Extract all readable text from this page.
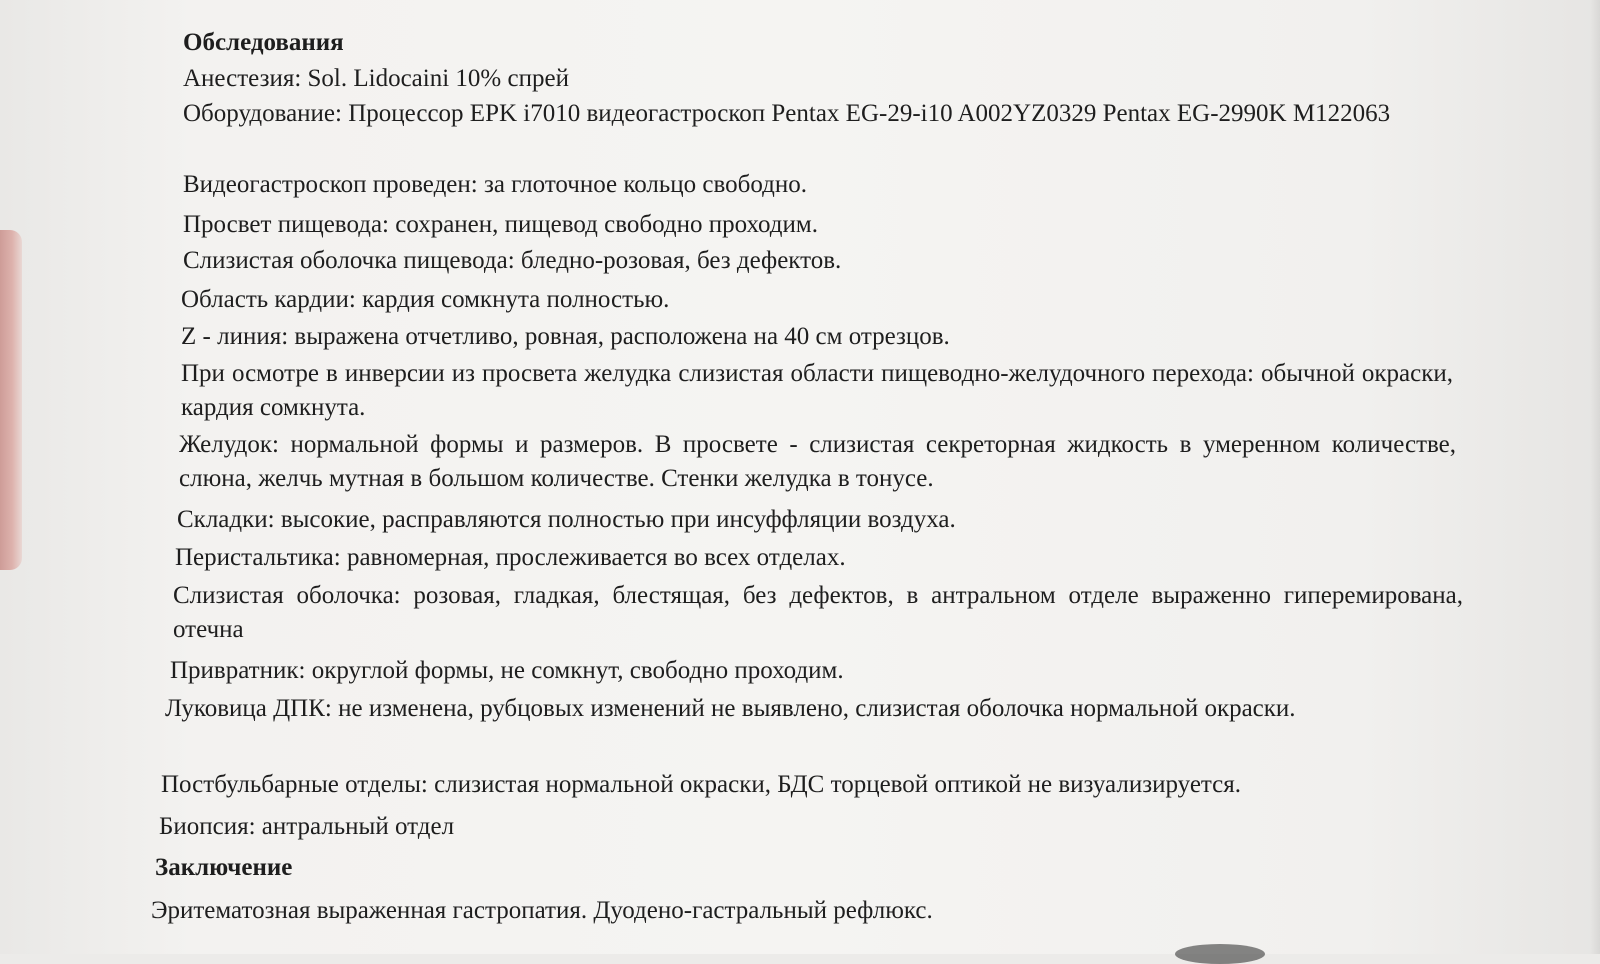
Обследования
Анестезия: Sol. Lidocaini 10% спрей
Оборудование: Процессор EPK i7010 видеогастроскоп Pentax EG-29-i10 A002YZ0329 Pentax EG-2990K M122063
Видеогастроскоп проведен: за глоточное кольцо свободно.
Просвет пищевода: сохранен, пищевод свободно проходим.
Слизистая оболочка пищевода: бледно-розовая, без дефектов.
Область кардии: кардия сомкнута полностью.
Z - линия: выражена отчетливо, ровная, расположена на 40 см отрезцов.
При осмотре в инверсии из просвета желудка слизистая области пищеводно-желудочного перехода: обычной окраски, кардия сомкнута.
Желудок: нормальной формы и размеров. В просвете - слизистая секреторная жидкость в умеренном количестве, слюна, желчь мутная в большом количестве. Стенки желудка в тонусе.
Складки: высокие, расправляются полностью при инсуффляции воздуха.
Перистальтика: равномерная, прослеживается во всех отделах.
Слизистая оболочка: розовая, гладкая, блестящая, без дефектов, в антральном отделе выраженно гиперемирована, отечна
Привратник: округлой формы, не сомкнут, свободно проходим.
Луковица ДПК: не изменена, рубцовых изменений не выявлено, слизистая оболочка нормальной окраски.
Постбульбарные отделы: слизистая нормальной окраски, БДС торцевой оптикой не визуализируется.
Биопсия: антральный отдел
Заключение
Эритематозная выраженная гастропатия. Дуодено-гастральный рефлюкс.
